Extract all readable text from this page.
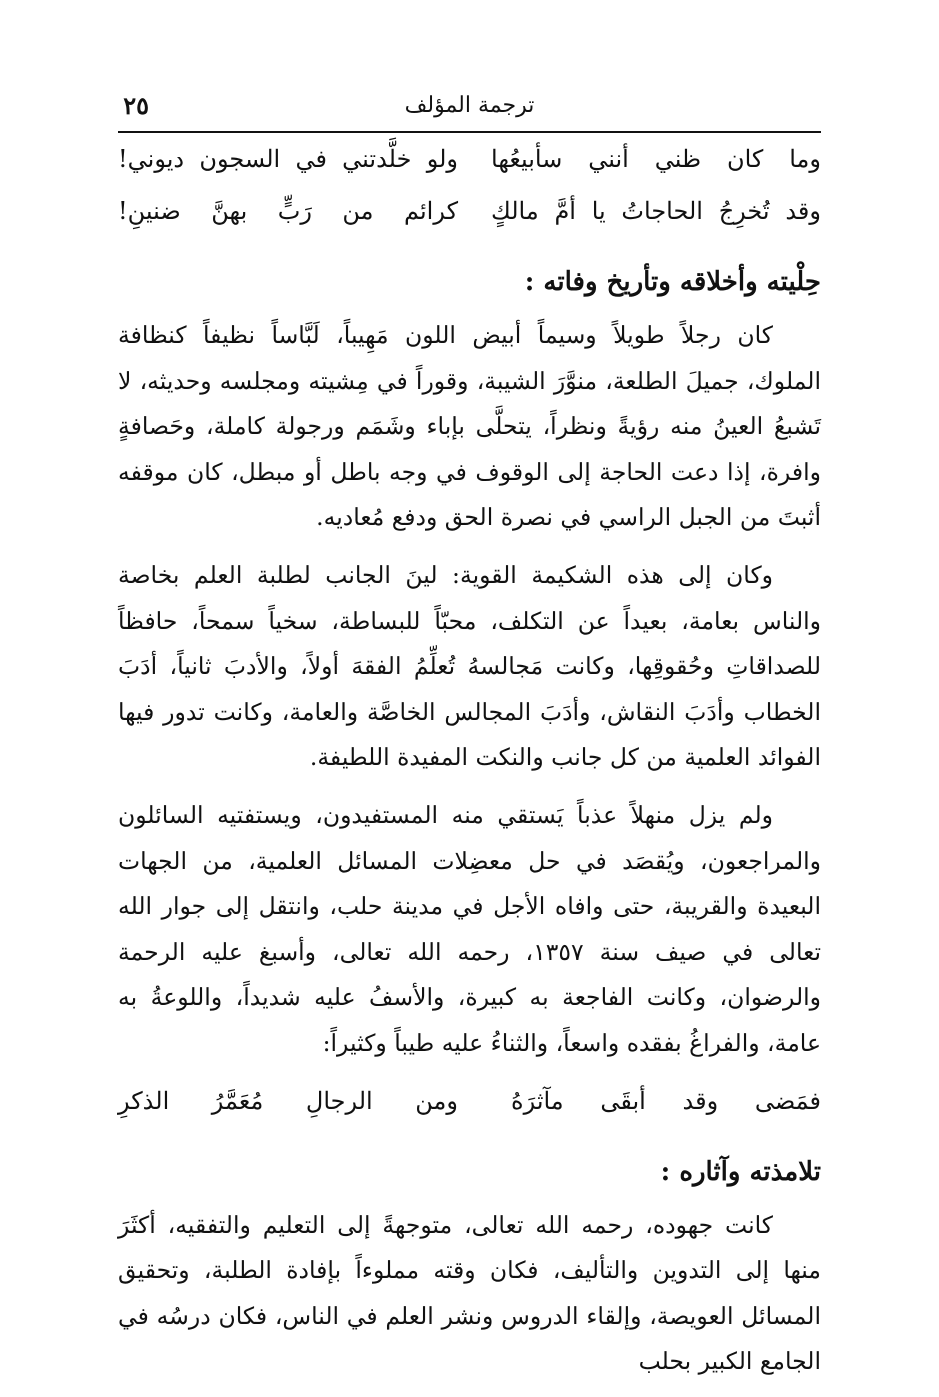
ترجمة المؤلف
٢٥
وما كان ظني أنني سأبيعُها
ولو خلَّدتني في السجون ديوني!
وقد تُخرِجُ الحاجاتُ يا أمَّ مالكٍ
كرائم من رَبٍّ بهنَّ ضنينِ!
حِلْيته وأخلاقه وتأريخ وفاته :

كان رجلاً طويلاً وسيماً أبيض اللون مَهِيباً، لَبَّاساً نظيفاً كنظافة الملوك، جميلَ الطلعة، منوَّرَ الشيبة، وقوراً في مِشيته ومجلسه وحديثه، لا تَشبعُ العينُ منه رؤيةً ونظراً، يتحلَّى بإباء وشَمَم ورجولة كاملة، وحَصافةٍ وافرة، إذا دعت الحاجة إلى الوقوف في وجه باطل أو مبطل، كان موقفه أثبتَ من الجبل الراسي في نصرة الحق ودفع مُعاديه.

وكان إلى هذه الشكيمة القوية: لينَ الجانب لطلبة العلم بخاصة والناس بعامة، بعيداً عن التكلف، محبّاً للبساطة، سخياً سمحاً، حافظاً للصداقاتِ وحُقوقِها، وكانت مَجالسهُ تُعلِّمُ الفقهَ أولاً، والأدبَ ثانياً، أدَبَ الخطاب وأدَبَ النقاش، وأدَبَ المجالس الخاصَّة والعامة، وكانت تدور فيها الفوائد العلمية من كل جانب والنكت المفيدة اللطيفة.

ولم يزل منهلاً عذباً يَستقي منه المستفيدون، ويستفتيه السائلون والمراجعون، ويُقصَد في حل معضِلات المسائل العلمية، من الجهات البعيدة والقريبة، حتى وافاه الأجل في مدينة حلب، وانتقل إلى جوار الله تعالى في صيف سنة ١٣٥٧، رحمه الله تعالى، وأسبغ عليه الرحمة والرضوان، وكانت الفاجعة به كبيرة، والأسفُ عليه شديداً، واللوعةُ به عامة، والفراغُ بفقده واسعاً، والثناءُ عليه طيباً وكثيراً:

فمَضى وقد أبقَى مآثرَهُ
ومن الرجالِ مُعَمَّرُ الذكرِ
تلامذته وآثاره :

كانت جهوده، رحمه الله تعالى، متوجهةً إلى التعليم والتفقيه، أكثَرَ منها إلى التدوين والتأليف، فكان وقته مملوءاً بإفادة الطلبة، وتحقيق المسائل العويصة، وإلقاء الدروس ونشر العلم في الناس، فكان درسُه في الجامع الكبير بحلب
